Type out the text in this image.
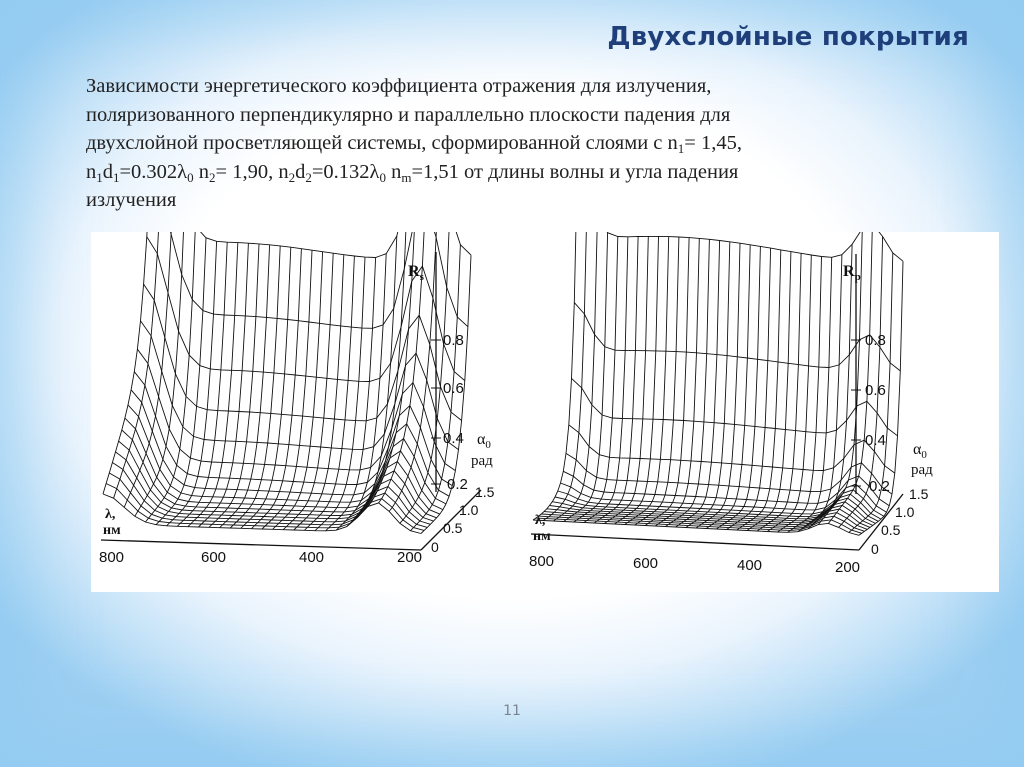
Двухслойные покрытия
Зависимости энергетического коэффициента отражения для излучения,
поляризованного перпендикулярно и параллельно плоскости падения для
двухслойной просветляющей системы, сформированной слоями с $n_1= 1,45$,
$n_1d_1=0.302\lambda_0$ $n_2= 1,90$, $n_2d_2=0.132\lambda_0$ $n_m=1,51$ от длины волны и угла падения
излучения
$R_s$
0.8
0.6
0.4
0.2
$\alpha_0$
рад
1.5
1.0
0.5
0
λ, нм
800	600	400	200
$R_p$
0.8
0.6
0.4
0.2
$\alpha_0$
рад
1.5
1.0
0.5
0
λ, нм
800	600	400	200
11
